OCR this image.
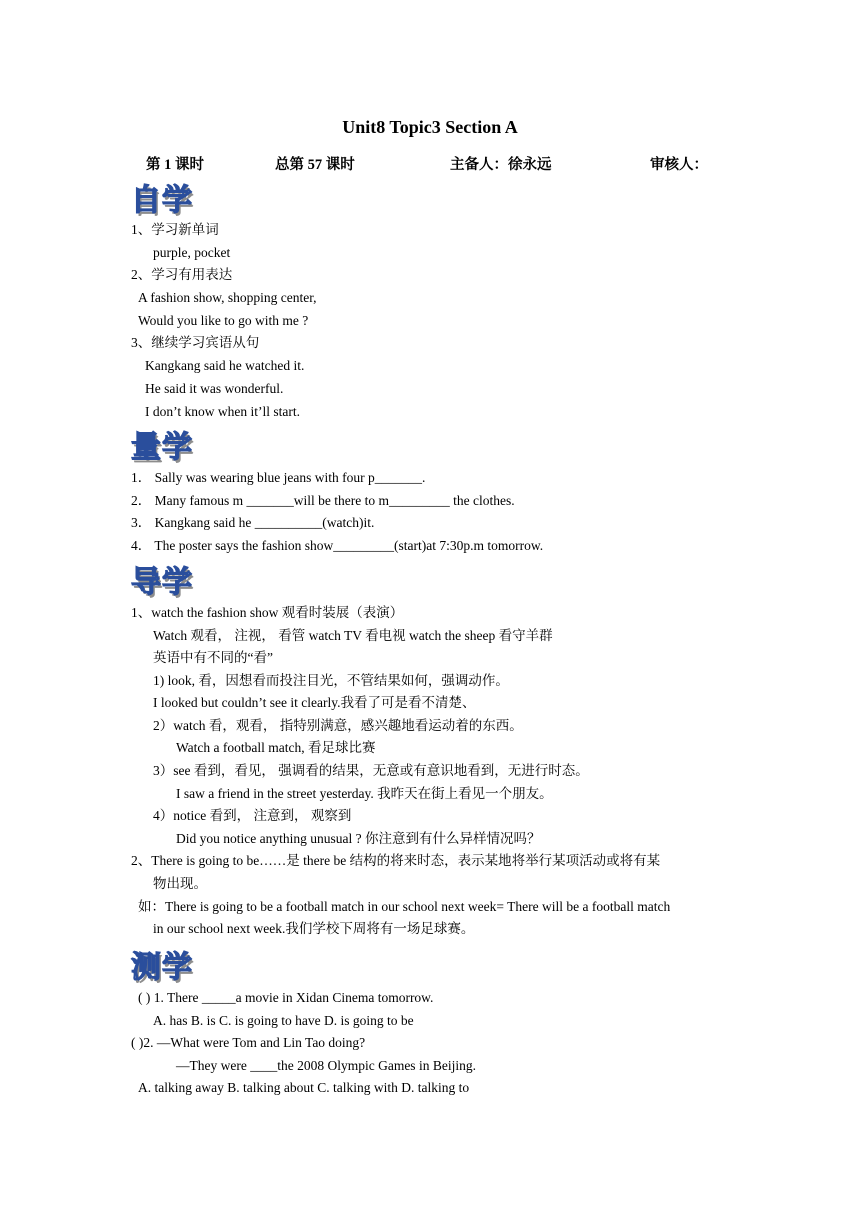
Unit8 Topic3 Section A
第 1 课时	总第 57 课时	主备人：徐永远	审核人：
自学
1、学习新单词
purple, pocket
2、学习有用表达
A fashion show, shopping center,
Would you like to go with me ?
3、继续学习宾语从句
Kangkang said he watched it.
He said it was wonderful.
I don’t know when it’ll start.
量学
1． Sally was wearing blue jeans with four p_______.
2． Many famous m _______will be there to m_________ the clothes.
3． Kangkang said he __________(watch)it.
4． The poster says the fashion show_________(start)at 7:30p.m tomorrow.
导学
1、watch the fashion show 观看时装展（表演）
Watch 观看， 注视， 看管 watch TV 看电视 watch the sheep 看守羊群
英语中有不同的“看”
1) look, 看，因想看而投注目光，不管结果如何，强调动作。
I looked but couldn’t see it clearly.我看了可是看不清楚、
2）watch 看，观看， 指特别满意，感兴趣地看运动着的东西。
Watch a football match, 看足球比赛
3）see 看到，看见， 强调看的结果，无意或有意识地看到，无进行时态。
I saw a friend in the street yesterday. 我昨天在街上看见一个朋友。
4）notice 看到， 注意到， 观察到
Did you notice anything unusual ? 你注意到有什么异样情况吗？
2、There is going to be……是 there be 结构的将来时态，表示某地将举行某项活动或将有某
物出现。
如：There is going to be a football match in our school next week= There will be a football match
in our school next week.我们学校下周将有一场足球赛。
测学
( ) 1. There _____a movie in Xidan Cinema tomorrow.
A. has B. is C. is going to have D. is going to be
( )2. —What were Tom and Lin Tao doing?
—They were ____the 2008 Olympic Games in Beijing.
A. talking away B. talking about C. talking with D. talking to
